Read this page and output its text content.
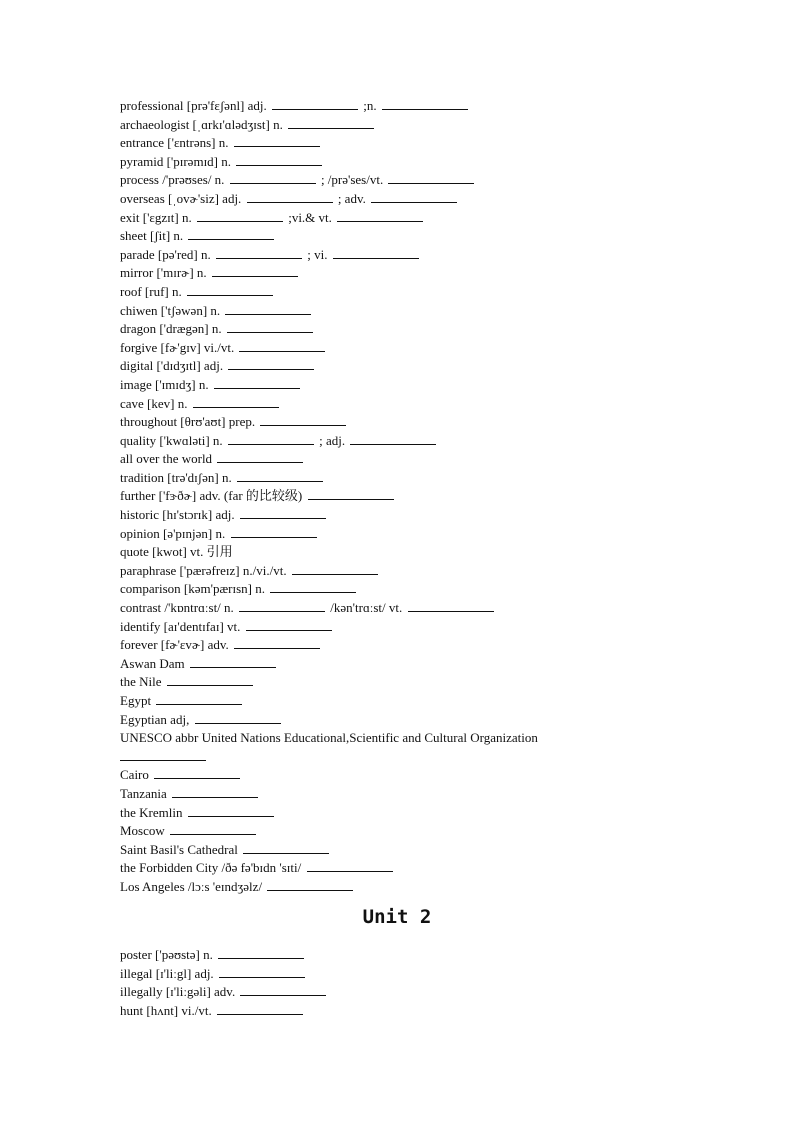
professional [prə'fɛʃənl] adj.	;n.
archaeologist [ˌɑrkɪ'ɑlədʒɪst] n.
entrance ['ɛntrəns] n.
pyramid ['pɪrəmɪd] n.
process /'prəʊses/ n.	; /prə'ses/vt.
overseas [ˌovɚ'siz] adj.	; adv.
exit ['ɛgzɪt] n.	;vi.& vt.
sheet [ʃit] n.
parade [pə'red] n.	; vi.
mirror ['mɪrɚ] n.
roof [ruf] n.
chiwen ['tʃəwən] n.
dragon ['drægən] n.
forgive [fɚ'gɪv] vi./vt.
digital ['dɪdʒɪtl] adj.
image ['ɪmɪdʒ] n.
cave [kev] n.
throughout [θrʊ'aʊt] prep.
quality ['kwɑləti] n.	; adj.
all over the world
tradition [trə'dɪʃən] n.
further ['fɝðɚ] adv. (far 的比较级)
historic [hɪ'stɔrɪk] adj.
opinion [ə'pɪnjən] n.
quote [kwot] vt. 引用
paraphrase ['pærəfreɪz] n./vi./vt.
comparison [kəm'pærɪsn] n.
contrast /'kɒntrɑːst/ n.	/kən'trɑːst/ vt.
identify [aɪ'dentɪfaɪ] vt.
forever [fɚ'ɛvɚ] adv.
Aswan Dam
the Nile
Egypt
Egyptian adj,
UNESCO abbr United Nations Educational,Scientific and Cultural Organization
Cairo
Tanzania
the Kremlin
Moscow
Saint Basil's Cathedral
the Forbidden City /ðə fə'bɪdn 'sɪti/
Los Angeles /lɔːs 'eɪndʒəlz/
Unit 2
poster ['pəʊstə] n.
illegal [ɪ'liːgl] adj.
illegally [ɪ'liːgəli] adv.
hunt [hʌnt] vi./vt.
